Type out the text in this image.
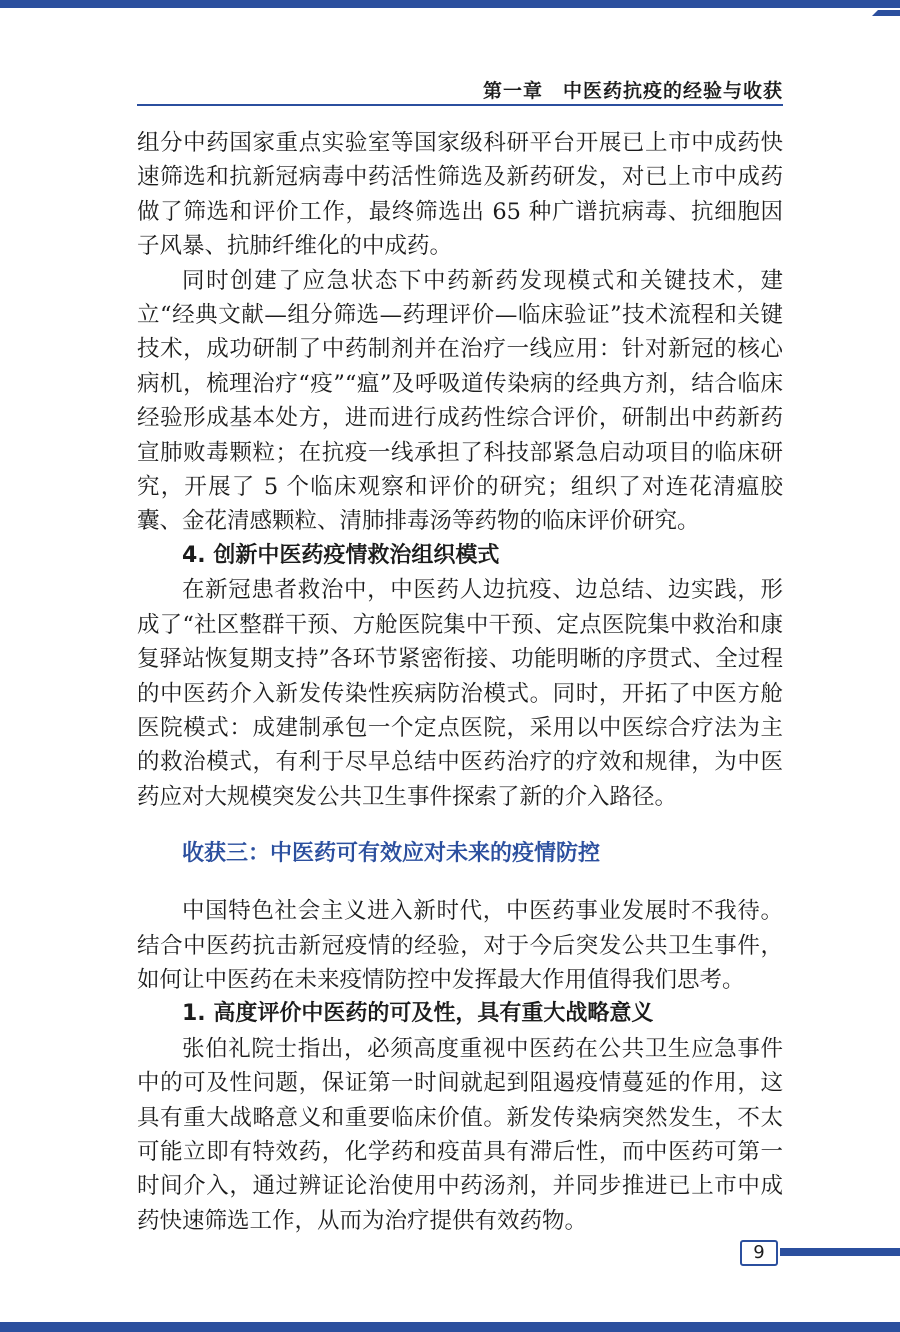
第一章　中医药抗疫的经验与收获

组分中药国家重点实验室等国家级科研平台开展已上市中成药快速筛选和抗新冠病毒中药活性筛选及新药研发，对已上市中成药做了筛选和评价工作，最终筛选出 65 种广谱抗病毒、抗细胞因子风暴、抗肺纤维化的中成药。

同时创建了应急状态下中药新药发现模式和关键技术，建立“经典文献—组分筛选—药理评价—临床验证”技术流程和关键技术，成功研制了中药制剂并在治疗一线应用：针对新冠的核心病机，梳理治疗“疫”“瘟”及呼吸道传染病的经典方剂，结合临床经验形成基本处方，进而进行成药性综合评价，研制出中药新药宣肺败毒颗粒；在抗疫一线承担了科技部紧急启动项目的临床研究，开展了 5 个临床观察和评价的研究；组织了对连花清瘟胶囊、金花清感颗粒、清肺排毒汤等药物的临床评价研究。

4. 创新中医药疫情救治组织模式

在新冠患者救治中，中医药人边抗疫、边总结、边实践，形成了“社区整群干预、方舱医院集中干预、定点医院集中救治和康复驿站恢复期支持”各环节紧密衔接、功能明晰的序贯式、全过程的中医药介入新发传染性疾病防治模式。同时，开拓了中医方舱医院模式：成建制承包一个定点医院，采用以中医综合疗法为主的救治模式，有利于尽早总结中医药治疗的疗效和规律，为中医药应对大规模突发公共卫生事件探索了新的介入路径。

收获三：中医药可有效应对未来的疫情防控

中国特色社会主义进入新时代，中医药事业发展时不我待。结合中医药抗击新冠疫情的经验，对于今后突发公共卫生事件，如何让中医药在未来疫情防控中发挥最大作用值得我们思考。

1. 高度评价中医药的可及性，具有重大战略意义

张伯礼院士指出，必须高度重视中医药在公共卫生应急事件中的可及性问题，保证第一时间就起到阻遏疫情蔓延的作用，这具有重大战略意义和重要临床价值。新发传染病突然发生，不太可能立即有特效药，化学药和疫苗具有滞后性，而中医药可第一时间介入，通过辨证论治使用中药汤剂，并同步推进已上市中成药快速筛选工作，从而为治疗提供有效药物。

9
